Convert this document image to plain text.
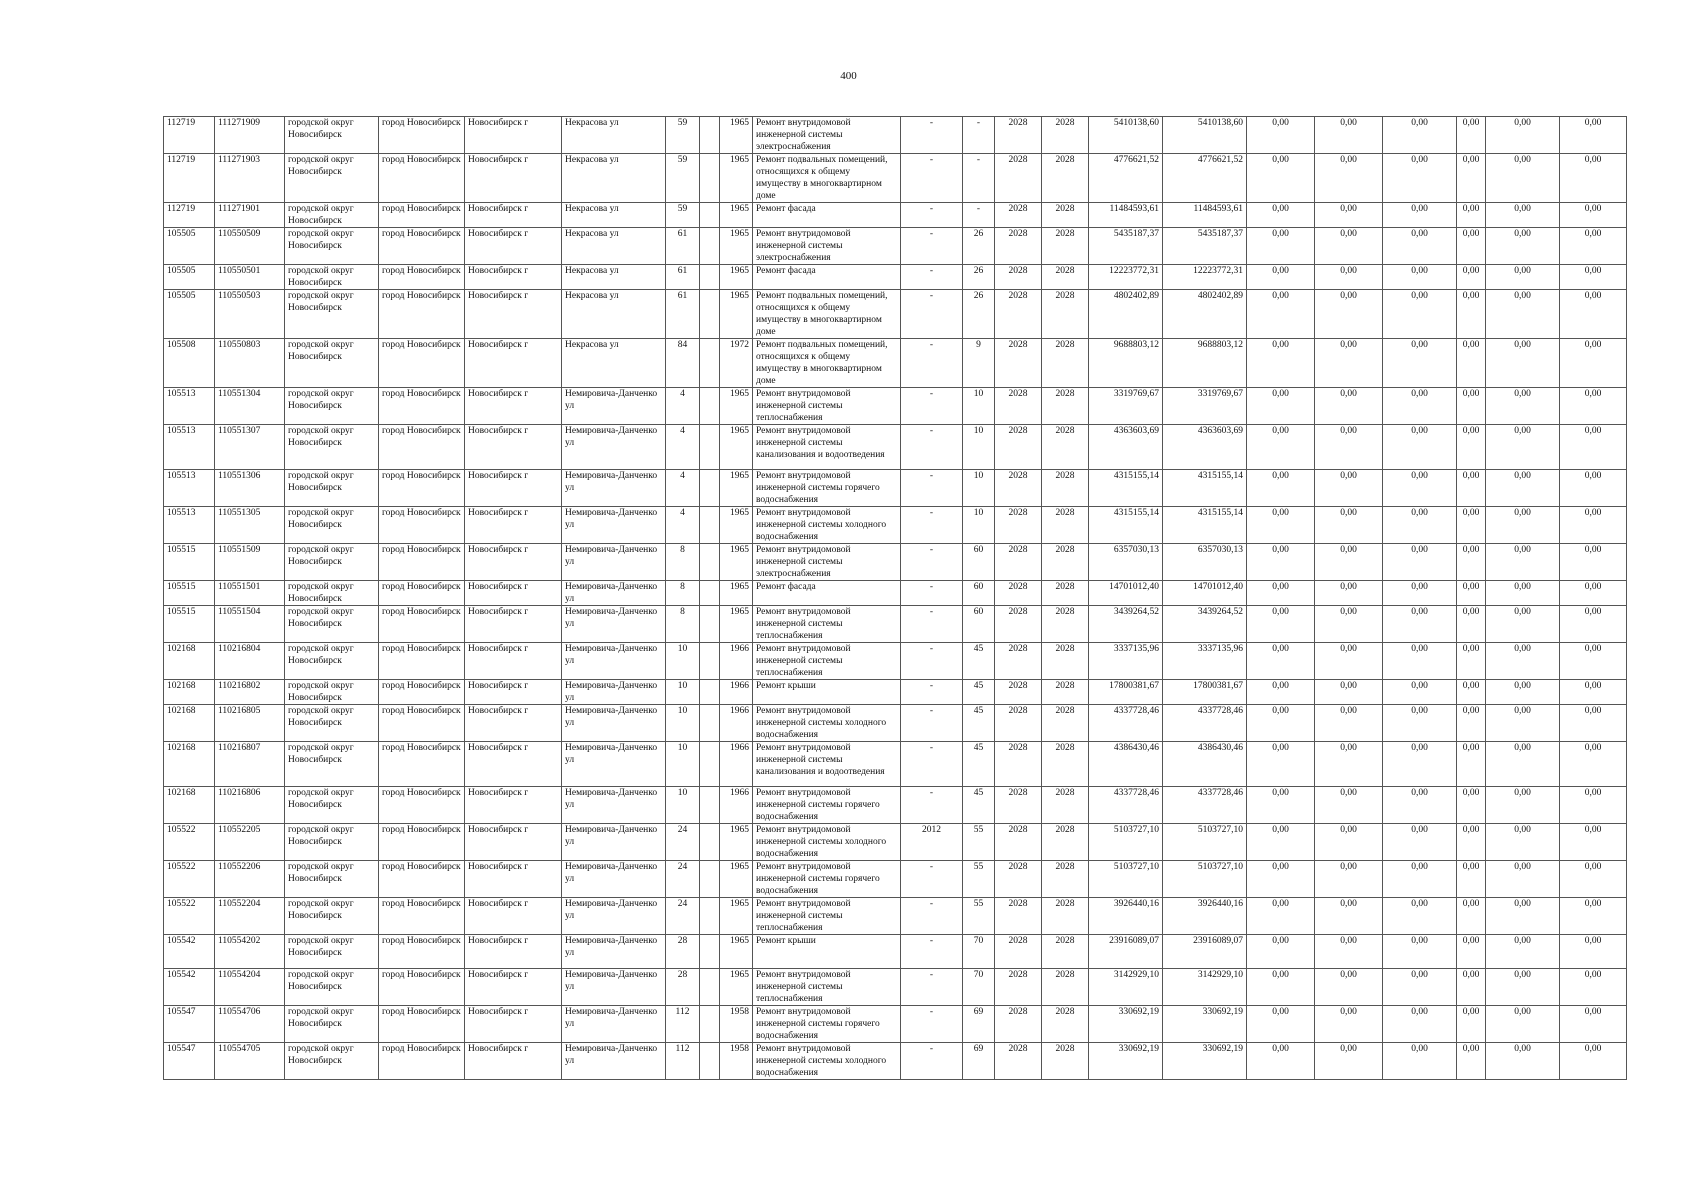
400
112719	111271909	городской округ Новосибирск	город Новосибирск	Новосибирск г	Некрасова ул	59		1965	Ремонт внутридомовой инженерной системы электроснабжения	-	-	2028	2028	5410138,60	5410138,60	0,00	0,00	0,00	0,00	0,00	0,00
112719	111271903	городской округ Новосибирск	город Новосибирск	Новосибирск г	Некрасова ул	59		1965	Ремонт подвальных помещений, относящихся к общему имуществу в многоквартирном доме	-	-	2028	2028	4776621,52	4776621,52	0,00	0,00	0,00	0,00	0,00	0,00
112719	111271901	городской округ Новосибирск	город Новосибирск	Новосибирск г	Некрасова ул	59		1965	Ремонт фасада	-	-	2028	2028	11484593,61	11484593,61	0,00	0,00	0,00	0,00	0,00	0,00
105505	110550509	городской округ Новосибирск	город Новосибирск	Новосибирск г	Некрасова ул	61		1965	Ремонт внутридомовой инженерной системы электроснабжения	-	26	2028	2028	5435187,37	5435187,37	0,00	0,00	0,00	0,00	0,00	0,00
105505	110550501	городской округ Новосибирск	город Новосибирск	Новосибирск г	Некрасова ул	61		1965	Ремонт фасада	-	26	2028	2028	12223772,31	12223772,31	0,00	0,00	0,00	0,00	0,00	0,00
105505	110550503	городской округ Новосибирск	город Новосибирск	Новосибирск г	Некрасова ул	61		1965	Ремонт подвальных помещений, относящихся к общему имуществу в многоквартирном доме	-	26	2028	2028	4802402,89	4802402,89	0,00	0,00	0,00	0,00	0,00	0,00
105508	110550803	городской округ Новосибирск	город Новосибирск	Новосибирск г	Некрасова ул	84		1972	Ремонт подвальных помещений, относящихся к общему имуществу в многоквартирном доме	-	9	2028	2028	9688803,12	9688803,12	0,00	0,00	0,00	0,00	0,00	0,00
105513	110551304	городской округ Новосибирск	город Новосибирск	Новосибирск г	Немировича-Данченко ул	4		1965	Ремонт внутридомовой инженерной системы теплоснабжения	-	10	2028	2028	3319769,67	3319769,67	0,00	0,00	0,00	0,00	0,00	0,00
105513	110551307	городской округ Новосибирск	город Новосибирск	Новосибирск г	Немировича-Данченко ул	4		1965	Ремонт внутридомовой инженерной системы канализования и водоотведения	-	10	2028	2028	4363603,69	4363603,69	0,00	0,00	0,00	0,00	0,00	0,00
105513	110551306	городской округ Новосибирск	город Новосибирск	Новосибирск г	Немировича-Данченко ул	4		1965	Ремонт внутридомовой инженерной системы горячего водоснабжения	-	10	2028	2028	4315155,14	4315155,14	0,00	0,00	0,00	0,00	0,00	0,00
105513	110551305	городской округ Новосибирск	город Новосибирск	Новосибирск г	Немировича-Данченко ул	4		1965	Ремонт внутридомовой инженерной системы холодного водоснабжения	-	10	2028	2028	4315155,14	4315155,14	0,00	0,00	0,00	0,00	0,00	0,00
105515	110551509	городской округ Новосибирск	город Новосибирск	Новосибирск г	Немировича-Данченко ул	8		1965	Ремонт внутридомовой инженерной системы электроснабжения	-	60	2028	2028	6357030,13	6357030,13	0,00	0,00	0,00	0,00	0,00	0,00
105515	110551501	городской округ Новосибирск	город Новосибирск	Новосибирск г	Немировича-Данченко ул	8		1965	Ремонт фасада	-	60	2028	2028	14701012,40	14701012,40	0,00	0,00	0,00	0,00	0,00	0,00
105515	110551504	городской округ Новосибирск	город Новосибирск	Новосибирск г	Немировича-Данченко ул	8		1965	Ремонт внутридомовой инженерной системы теплоснабжения	-	60	2028	2028	3439264,52	3439264,52	0,00	0,00	0,00	0,00	0,00	0,00
102168	110216804	городской округ Новосибирск	город Новосибирск	Новосибирск г	Немировича-Данченко ул	10		1966	Ремонт внутридомовой инженерной системы теплоснабжения	-	45	2028	2028	3337135,96	3337135,96	0,00	0,00	0,00	0,00	0,00	0,00
102168	110216802	городской округ Новосибирск	город Новосибирск	Новосибирск г	Немировича-Данченко ул	10		1966	Ремонт крыши	-	45	2028	2028	17800381,67	17800381,67	0,00	0,00	0,00	0,00	0,00	0,00
102168	110216805	городской округ Новосибирск	город Новосибирск	Новосибирск г	Немировича-Данченко ул	10		1966	Ремонт внутридомовой инженерной системы холодного водоснабжения	-	45	2028	2028	4337728,46	4337728,46	0,00	0,00	0,00	0,00	0,00	0,00
102168	110216807	городской округ Новосибирск	город Новосибирск	Новосибирск г	Немировича-Данченко ул	10		1966	Ремонт внутридомовой инженерной системы канализования и водоотведения	-	45	2028	2028	4386430,46	4386430,46	0,00	0,00	0,00	0,00	0,00	0,00
102168	110216806	городской округ Новосибирск	город Новосибирск	Новосибирск г	Немировича-Данченко ул	10		1966	Ремонт внутридомовой инженерной системы горячего водоснабжения	-	45	2028	2028	4337728,46	4337728,46	0,00	0,00	0,00	0,00	0,00	0,00
105522	110552205	городской округ Новосибирск	город Новосибирск	Новосибирск г	Немировича-Данченко ул	24		1965	Ремонт внутридомовой инженерной системы холодного водоснабжения	2012	55	2028	2028	5103727,10	5103727,10	0,00	0,00	0,00	0,00	0,00	0,00
105522	110552206	городской округ Новосибирск	город Новосибирск	Новосибирск г	Немировича-Данченко ул	24		1965	Ремонт внутридомовой инженерной системы горячего водоснабжения	-	55	2028	2028	5103727,10	5103727,10	0,00	0,00	0,00	0,00	0,00	0,00
105522	110552204	городской округ Новосибирск	город Новосибирск	Новосибирск г	Немировича-Данченко ул	24		1965	Ремонт внутридомовой инженерной системы теплоснабжения	-	55	2028	2028	3926440,16	3926440,16	0,00	0,00	0,00	0,00	0,00	0,00
105542	110554202	городской округ Новосибирск	город Новосибирск	Новосибирск г	Немировича-Данченко ул	28		1965	Ремонт крыши	-	70	2028	2028	23916089,07	23916089,07	0,00	0,00	0,00	0,00	0,00	0,00
105542	110554204	городской округ Новосибирск	город Новосибирск	Новосибирск г	Немировича-Данченко ул	28		1965	Ремонт внутридомовой инженерной системы теплоснабжения	-	70	2028	2028	3142929,10	3142929,10	0,00	0,00	0,00	0,00	0,00	0,00
105547	110554706	городской округ Новосибирск	город Новосибирск	Новосибирск г	Немировича-Данченко ул	112		1958	Ремонт внутридомовой инженерной системы горячего водоснабжения	-	69	2028	2028	330692,19	330692,19	0,00	0,00	0,00	0,00	0,00	0,00
105547	110554705	городской округ Новосибирск	город Новосибирск	Новосибирск г	Немировича-Данченко ул	112		1958	Ремонт внутридомовой инженерной системы холодного водоснабжения	-	69	2028	2028	330692,19	330692,19	0,00	0,00	0,00	0,00	0,00	0,00
